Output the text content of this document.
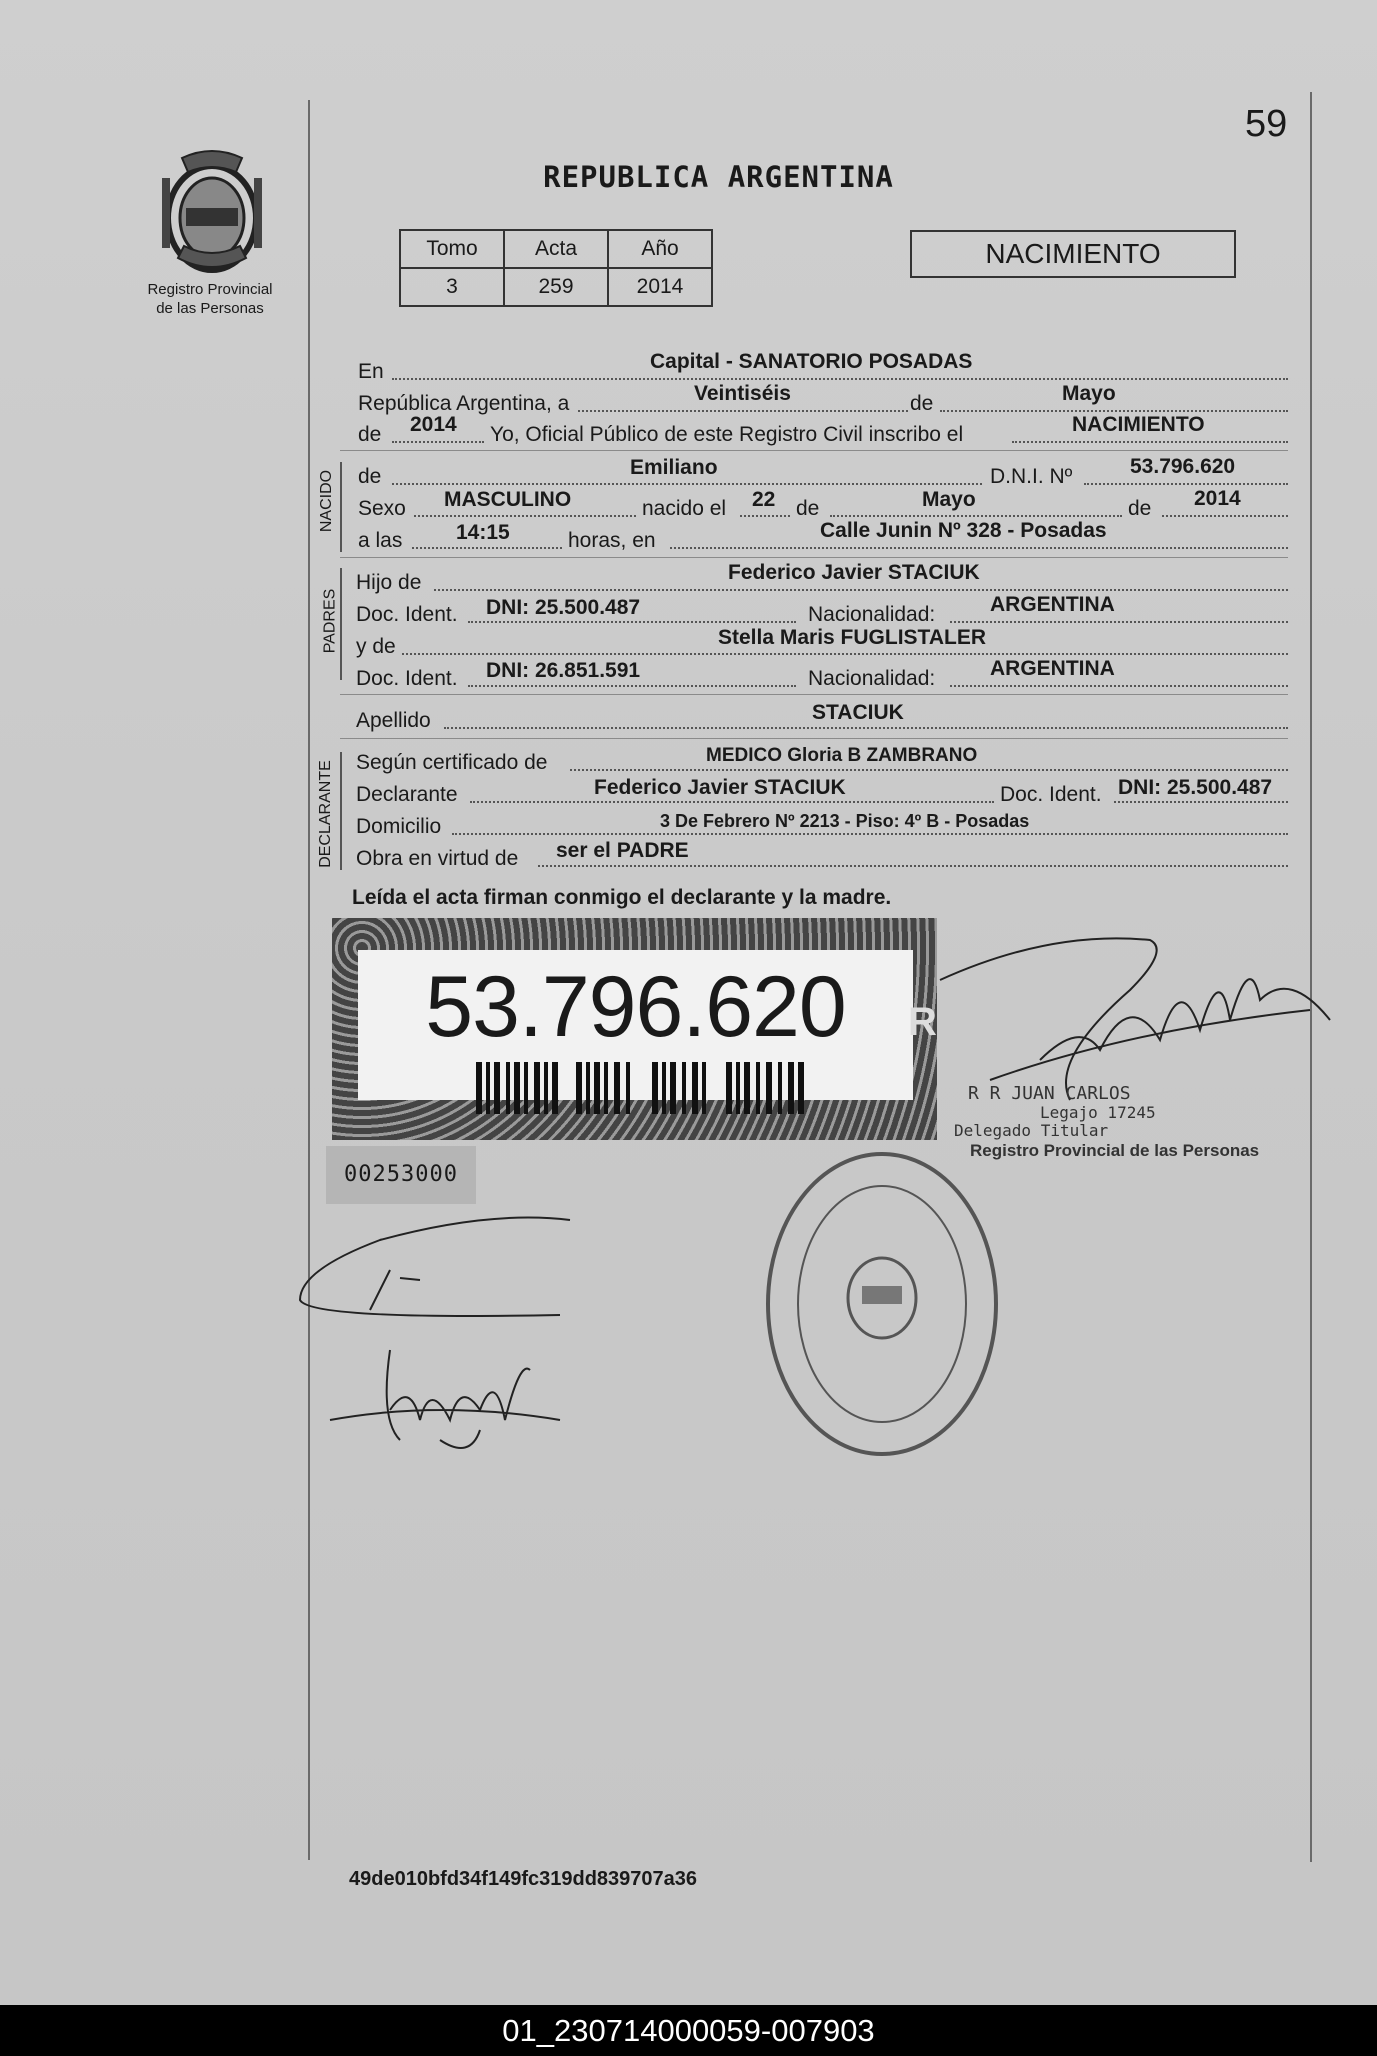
59
REPUBLICA ARGENTINA
Registro Provincial
de las Personas
Tomo	Acta	Año
3	259	2014
NACIMIENTO
En	Capital - SANATORIO POSADAS
República Argentina, a	Veintiséis	de	Mayo
de 2014 Yo, Oficial Público de este Registro Civil inscribo el	NACIMIENTO
NACIDO de	Emiliano	D.N.I. Nº	53.796.620
Sexo MASCULINO	nacido el 22 de	Mayo	de 2014
a las	14:15	horas, en	Calle Junin Nº 328 - Posadas
PADRES
Hijo de	Federico Javier STACIUK
Doc. Ident. DNI: 25.500.487	Nacionalidad:	ARGENTINA
y de	Stella Maris FUGLISTALER
Doc. Ident. DNI: 26.851.591	Nacionalidad:	ARGENTINA
Apellido	STACIUK
DECLARANTE Según certificado de	MEDICO Gloria B ZAMBRANO
Declarante	Federico Javier STACIUK	Doc. Ident. DNI: 25.500.487
Domicilio	3 De Febrero Nº 2213 - Piso: 4º B - Posadas
Obra en virtud de ser el PADRE
Leída el acta firman conmigo el declarante y la madre.
53.796.620	R
00253000
R R JUAN CARLOS
Legajo 17245
Delegado Titular
Registro Provincial de las Personas
49de010bfd34f149fc319dd839707a36
01_230714000059-007903
